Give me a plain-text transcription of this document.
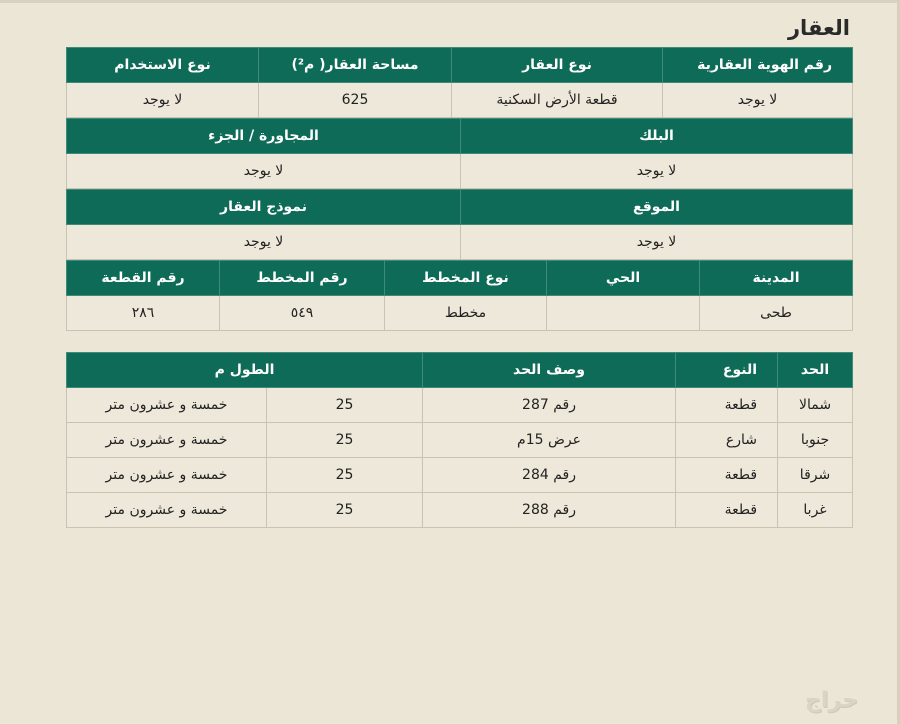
العقار
رقم الهوية العقارية	نوع العقار	مساحة العقار( م²)	نوع الاستخدام
لا يوجد	قطعة الأرض السكنية	625	لا يوجد
البلك	المجاورة / الجزء
لا يوجد	لا يوجد
الموقع	نموذج العقار
لا يوجد	لا يوجد
المدينة	الحي	نوع المخطط	رقم المخطط	رقم القطعة
طحى		مخطط	٥٤٩	٢٨٦
الحد	النوع	وصف الحد	الطول م	
شمالا	قطعة	رقم 287	25	خمسة و عشرون متر
جنوبا	شارع	عرض 15م	25	خمسة و عشرون متر
شرقا	قطعة	رقم 284	25	خمسة و عشرون متر
غربا	قطعة	رقم 288	25	خمسة و عشرون متر
حراج
